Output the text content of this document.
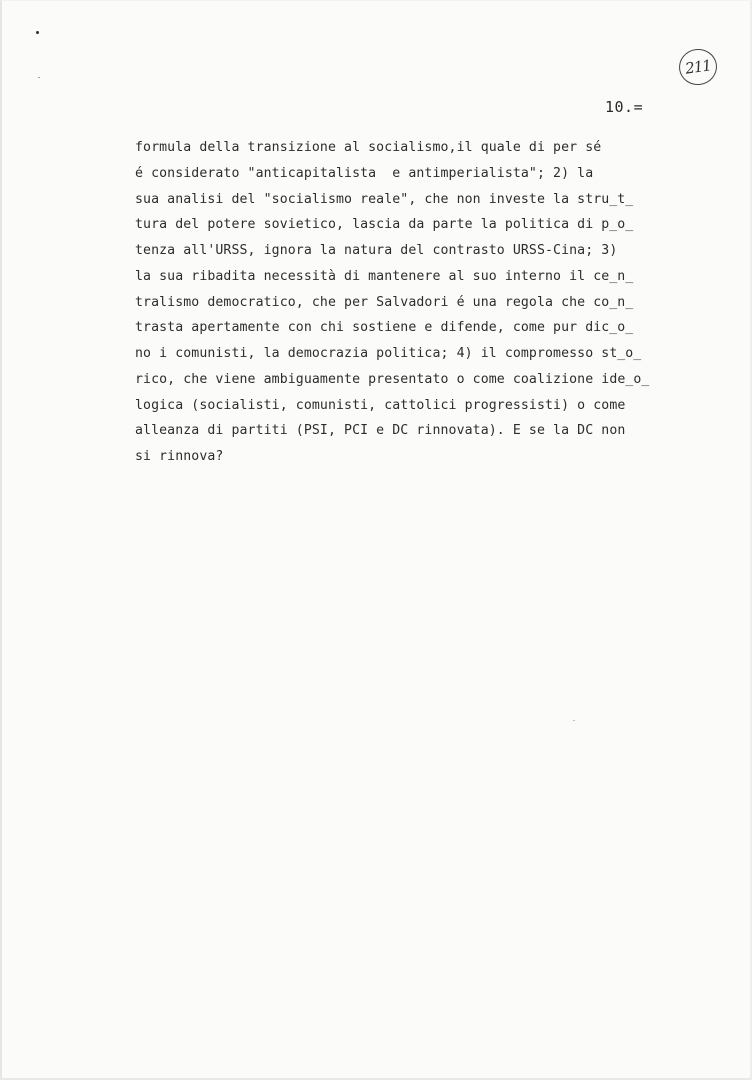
211
10.=
formula della transizione al socialismo,il quale di per sé
é considerato "anticapitalista  e antimperialista"; 2) la
sua analisi del "socialismo reale", che non investe la stru̲t̲
tura del potere sovietico, lascia da parte la politica di p̲o̲
tenza all'URSS, ignora la natura del contrasto URSS-Cina; 3)
la sua ribadita necessità di mantenere al suo interno il ce̲n̲
tralismo democratico, che per Salvadori é una regola che co̲n̲
trasta apertamente con chi sostiene e difende, come pur dic̲o̲
no i comunisti, la democrazia politica; 4) il compromesso st̲o̲
rico, che viene ambiguamente presentato o come coalizione ide̲o̲
logica (socialisti, comunisti, cattolici progressisti) o come
alleanza di partiti (PSI, PCI e DC rinnovata). E se la DC non
si rinnova?
